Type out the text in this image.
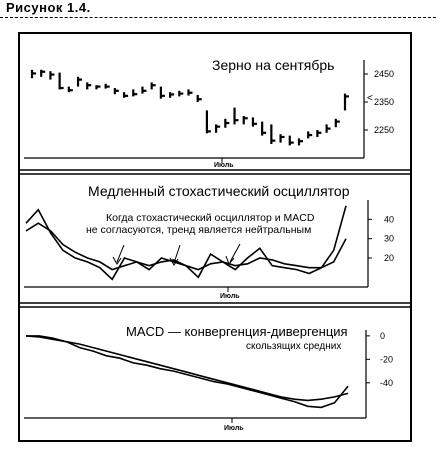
Рисунок 1.4.
Зерно на сентябрь
2450
2350
2250
Июль
<
Медленный стохастический осциллятор
Когда стохастический осциллятор и MACD
не согласуются, тренд является нейтральным
40
30
20
Июль
MACD — конвергенция-дивергенция
скользящих средних
0
-20
-40
Июль
